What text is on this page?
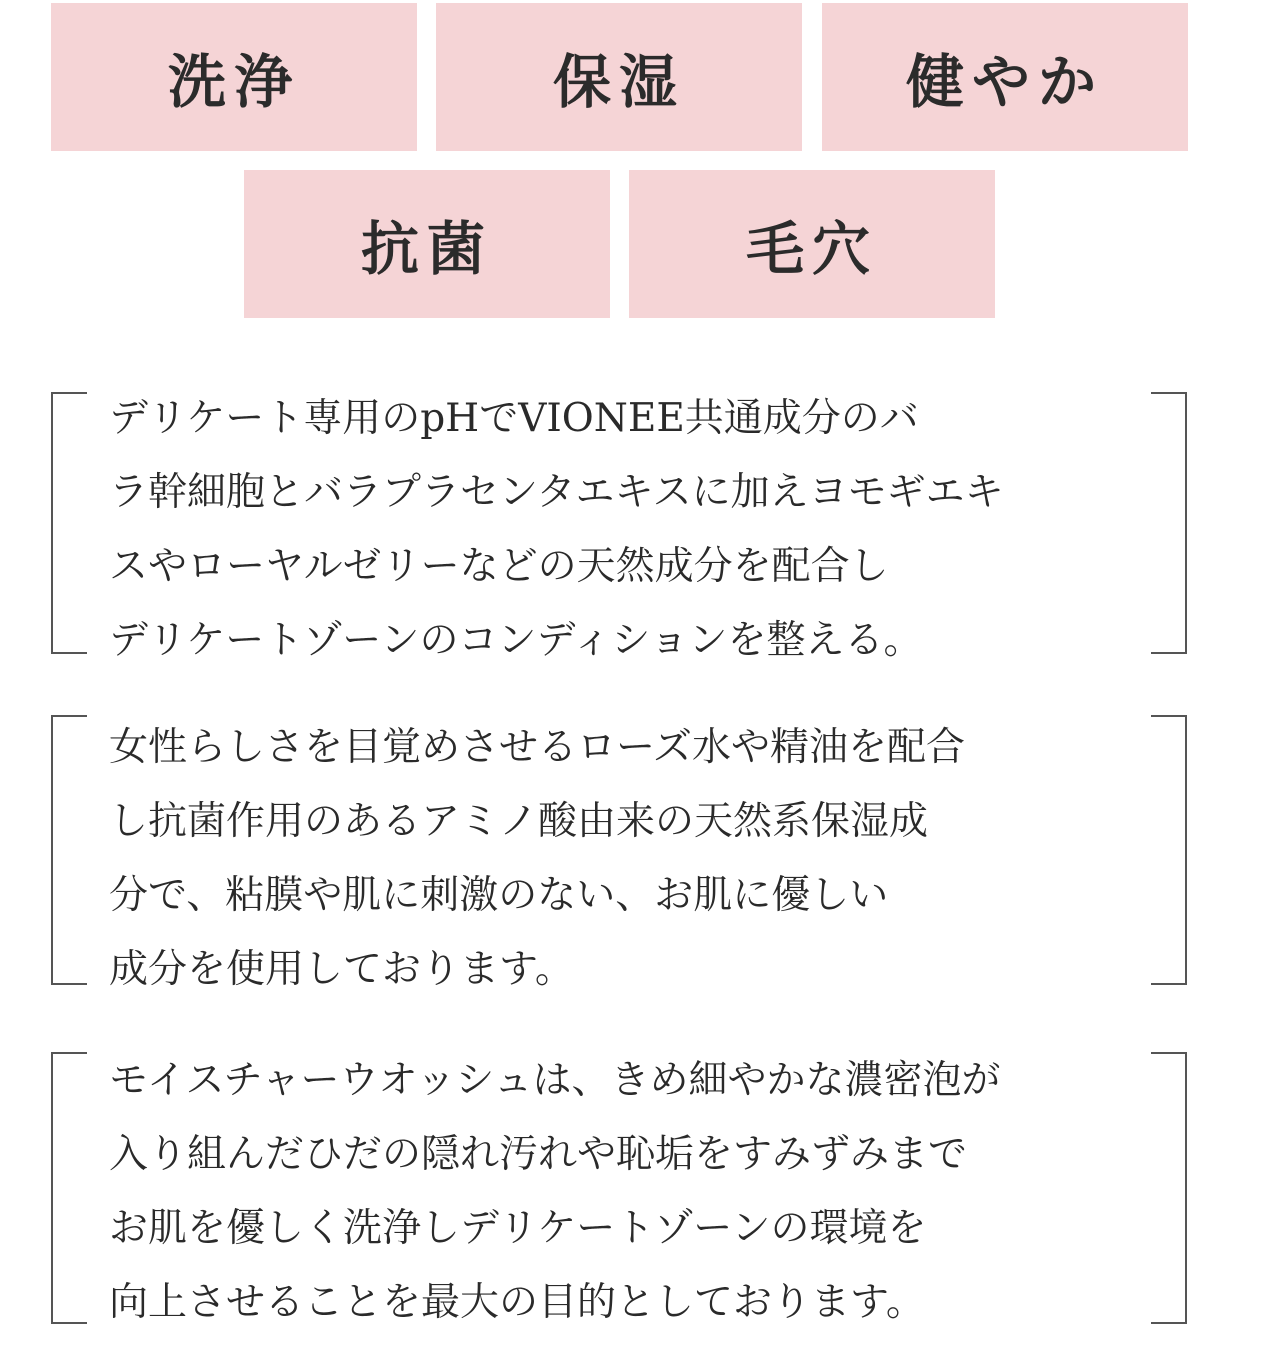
洗浄	保湿	健やか
抗菌	毛穴
デリケート専用のpHでVIONEE共通成分のバ
ラ幹細胞とバラプラセンタエキスに加えヨモギエキ
スやローヤルゼリーなどの天然成分を配合し
デリケートゾーンのコンディションを整える。
女性らしさを目覚めさせるローズ水や精油を配合
し抗菌作用のあるアミノ酸由来の天然系保湿成
分で、粘膜や肌に刺激のない、お肌に優しい
成分を使用しております。
モイスチャーウオッシュは、きめ細やかな濃密泡が
入り組んだひだの隠れ汚れや恥垢をすみずみまで
お肌を優しく洗浄しデリケートゾーンの環境を
向上させることを最大の目的としております。
